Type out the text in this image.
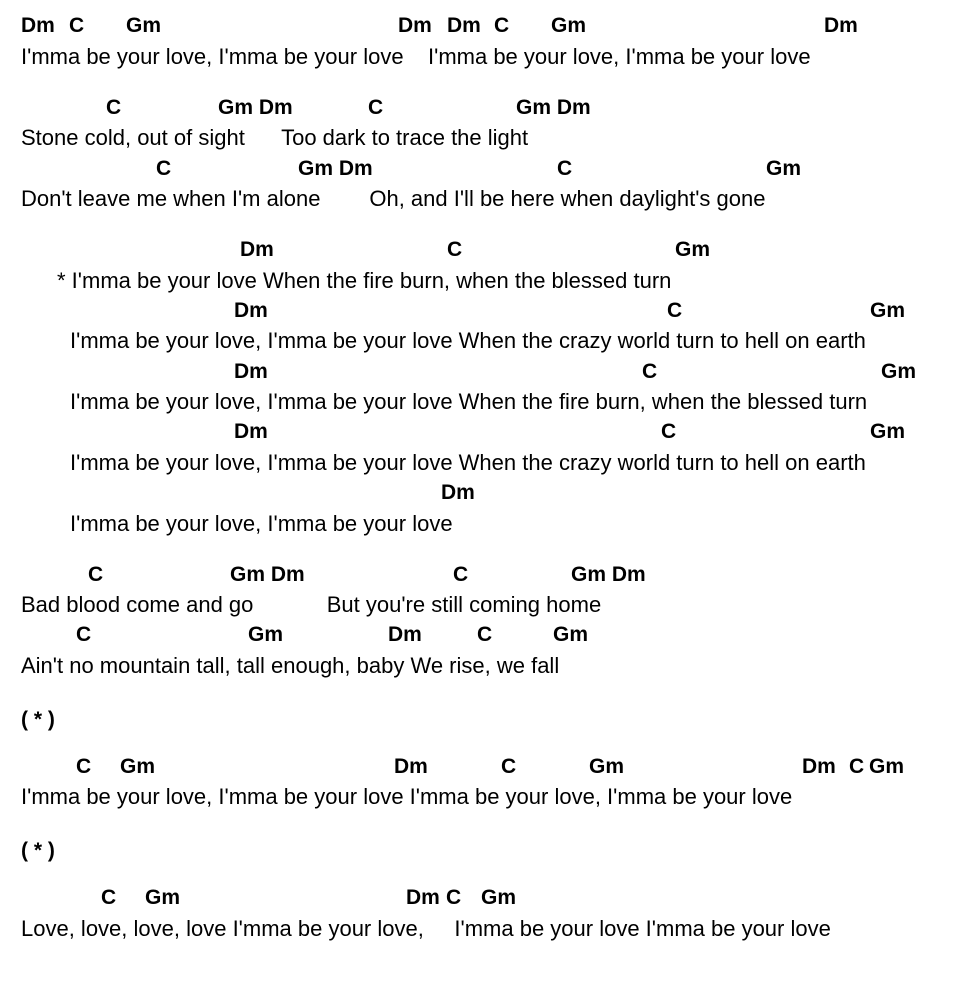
Dm C Gm	Dm Dm C Gm	Dm
I'mma be your love, I'mma be your love    I'mma be your love, I'mma be your love
C	Gm Dm	C	Gm Dm
Stone cold, out of sight      Too dark to trace the light
C	Gm Dm	C	Gm
Don't leave me when I'm alone        Oh, and I'll be here when daylight's gone
Dm	C	Gm
* I'mma be your love When the fire burn, when the blessed turn
Dm	C	Gm
I'mma be your love, I'mma be your love When the crazy world turn to hell on earth
Dm	C	Gm
I'mma be your love, I'mma be your love When the fire burn, when the blessed turn
Dm	C	Gm
I'mma be your love, I'mma be your love When the crazy world turn to hell on earth
Dm
I'mma be your love, I'mma be your love
C	Gm Dm	C	Gm Dm
Bad blood come and go            But you're still coming home
C	Gm	Dm	C	Gm
Ain't no mountain tall, tall enough, baby We rise, we fall
( * )
C Gm	Dm	C	Gm	Dm C Gm
I'mma be your love, I'mma be your love I'mma be your love, I'mma be your love
( * )
C Gm	Dm C Gm
Love, love, love, love I'mma be your love,     I'mma be your love I'mma be your love
